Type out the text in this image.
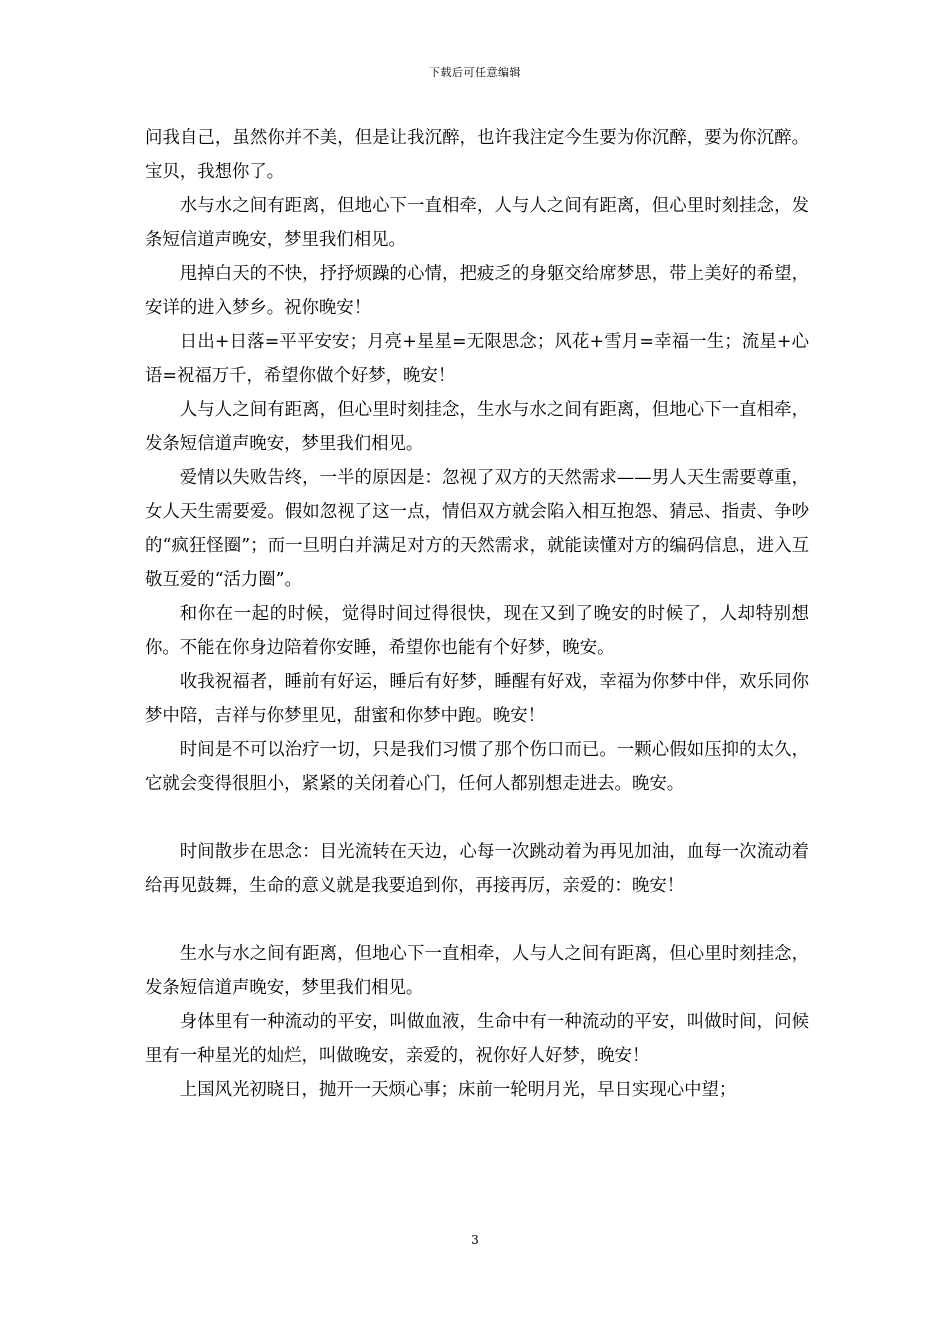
下载后可任意编辑

问我自己，虽然你并不美，但是让我沉醉，也许我注定今生要为你沉醉，要为你沉醉。宝贝，我想你了。

水与水之间有距离，但地心下一直相牵，人与人之间有距离，但心里时刻挂念，发条短信道声晚安，梦里我们相见。

甩掉白天的不快，抒抒烦躁的心情，把疲乏的身躯交给席梦思，带上美好的希望，安详的进入梦乡。祝你晚安！

日出+日落=平平安安；月亮+星星=无限思念；风花+雪月=幸福一生；流星+心语=祝福万千，希望你做个好梦，晚安！

人与人之间有距离，但心里时刻挂念，生水与水之间有距离，但地心下一直相牵，发条短信道声晚安，梦里我们相见。

爱情以失败告终，一半的原因是：忽视了双方的天然需求——男人天生需要尊重，女人天生需要爱。假如忽视了这一点，情侣双方就会陷入相互抱怨、猜忌、指责、争吵的“疯狂怪圈”；而一旦明白并满足对方的天然需求，就能读懂对方的编码信息，进入互敬互爱的“活力圈”。

和你在一起的时候，觉得时间过得很快，现在又到了晚安的时候了，人却特别想你。不能在你身边陪着你安睡，希望你也能有个好梦，晚安。

收我祝福者，睡前有好运，睡后有好梦，睡醒有好戏，幸福为你梦中伴，欢乐同你梦中陪，吉祥与你梦里见，甜蜜和你梦中跑。晚安！

时间是不可以治疗一切，只是我们习惯了那个伤口而已。一颗心假如压抑的太久，它就会变得很胆小，紧紧的关闭着心门，任何人都别想走进去。晚安。

时间散步在思念：目光流转在天边，心每一次跳动着为再见加油，血每一次流动着给再见鼓舞，生命的意义就是我要追到你，再接再厉，亲爱的：晚安！

生水与水之间有距离，但地心下一直相牵，人与人之间有距离，但心里时刻挂念，发条短信道声晚安，梦里我们相见。

身体里有一种流动的平安，叫做血液，生命中有一种流动的平安，叫做时间，问候里有一种星光的灿烂，叫做晚安，亲爱的，祝你好人好梦，晚安！

上国风光初晓日，抛开一天烦心事；床前一轮明月光，早日实现心中望；

3
